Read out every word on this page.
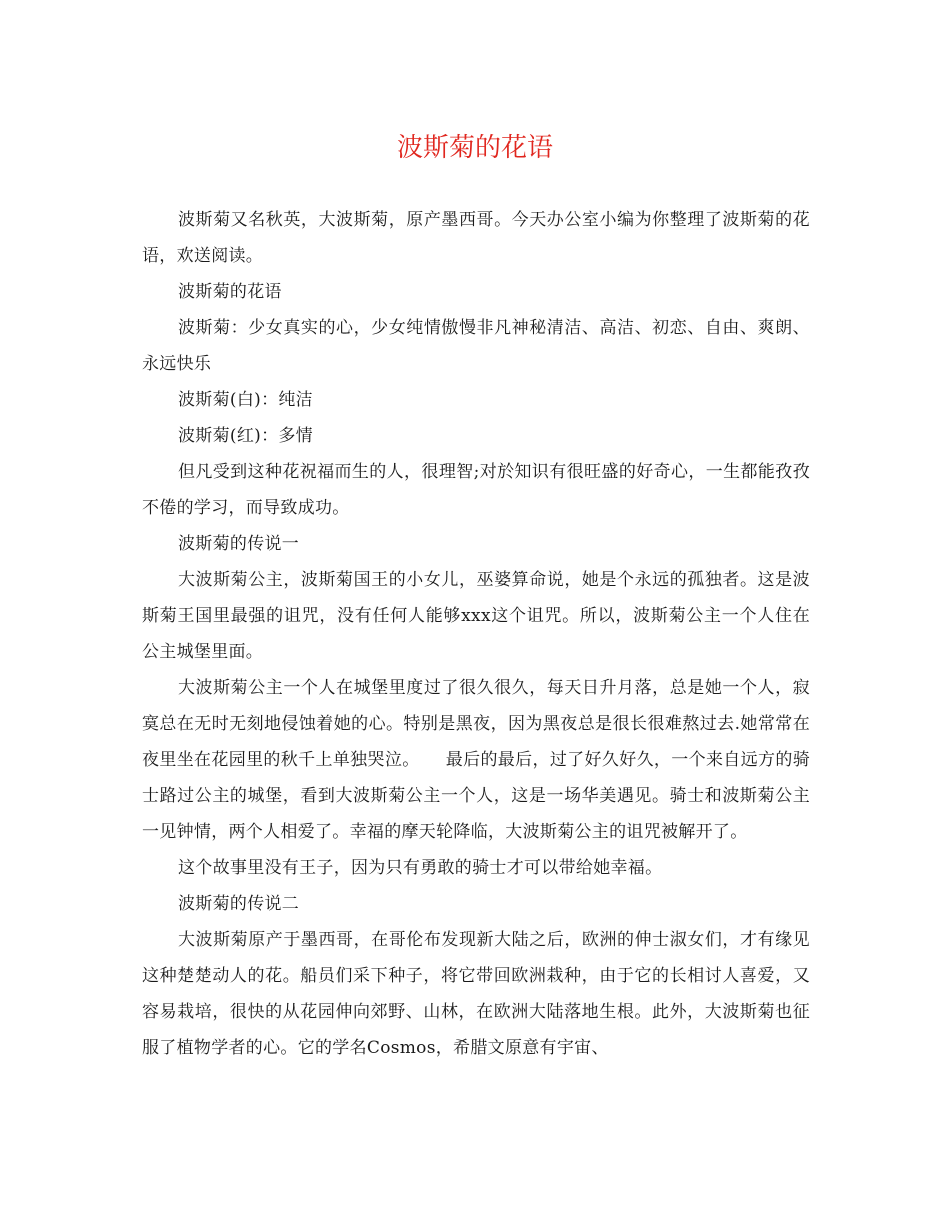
波斯菊的花语

波斯菊又名秋英，大波斯菊，原产墨西哥。今天办公室小编为你整理了波斯菊的花语，欢送阅读。

波斯菊的花语

波斯菊：少女真实的心，少女纯情傲慢非凡神秘清洁、高洁、初恋、自由、爽朗、永远快乐

波斯菊(白)：纯洁

波斯菊(红)：多情

但凡受到这种花祝福而生的人，很理智;对於知识有很旺盛的好奇心，一生都能孜孜不倦的学习，而导致成功。

波斯菊的传说一

大波斯菊公主，波斯菊国王的小女儿，巫婆算命说，她是个永远的孤独者。这是波斯菊王国里最强的诅咒，没有任何人能够xxx这个诅咒。所以，波斯菊公主一个人住在公主城堡里面。

大波斯菊公主一个人在城堡里度过了很久很久，每天日升月落，总是她一个人，寂寞总在无时无刻地侵蚀着她的心。特别是黑夜，因为黑夜总是很长很难熬过去.她常常在夜里坐在花园里的秋千上单独哭泣。　　最后的最后，过了好久好久，一个来自远方的骑士路过公主的城堡，看到大波斯菊公主一个人，这是一场华美遇见。骑士和波斯菊公主一见钟情，两个人相爱了。幸福的摩天轮降临，大波斯菊公主的诅咒被解开了。

这个故事里没有王子，因为只有勇敢的骑士才可以带给她幸福。

波斯菊的传说二

大波斯菊原产于墨西哥，在哥伦布发现新大陆之后，欧洲的伸士淑女们，才有缘见这种楚楚动人的花。船员们采下种子，将它带回欧洲栽种，由于它的长相讨人喜爱，又容易栽培，很快的从花园伸向郊野、山林，在欧洲大陆落地生根。此外，大波斯菊也征服了植物学者的心。它的学名Cosmos，希腊文原意有宇宙、
